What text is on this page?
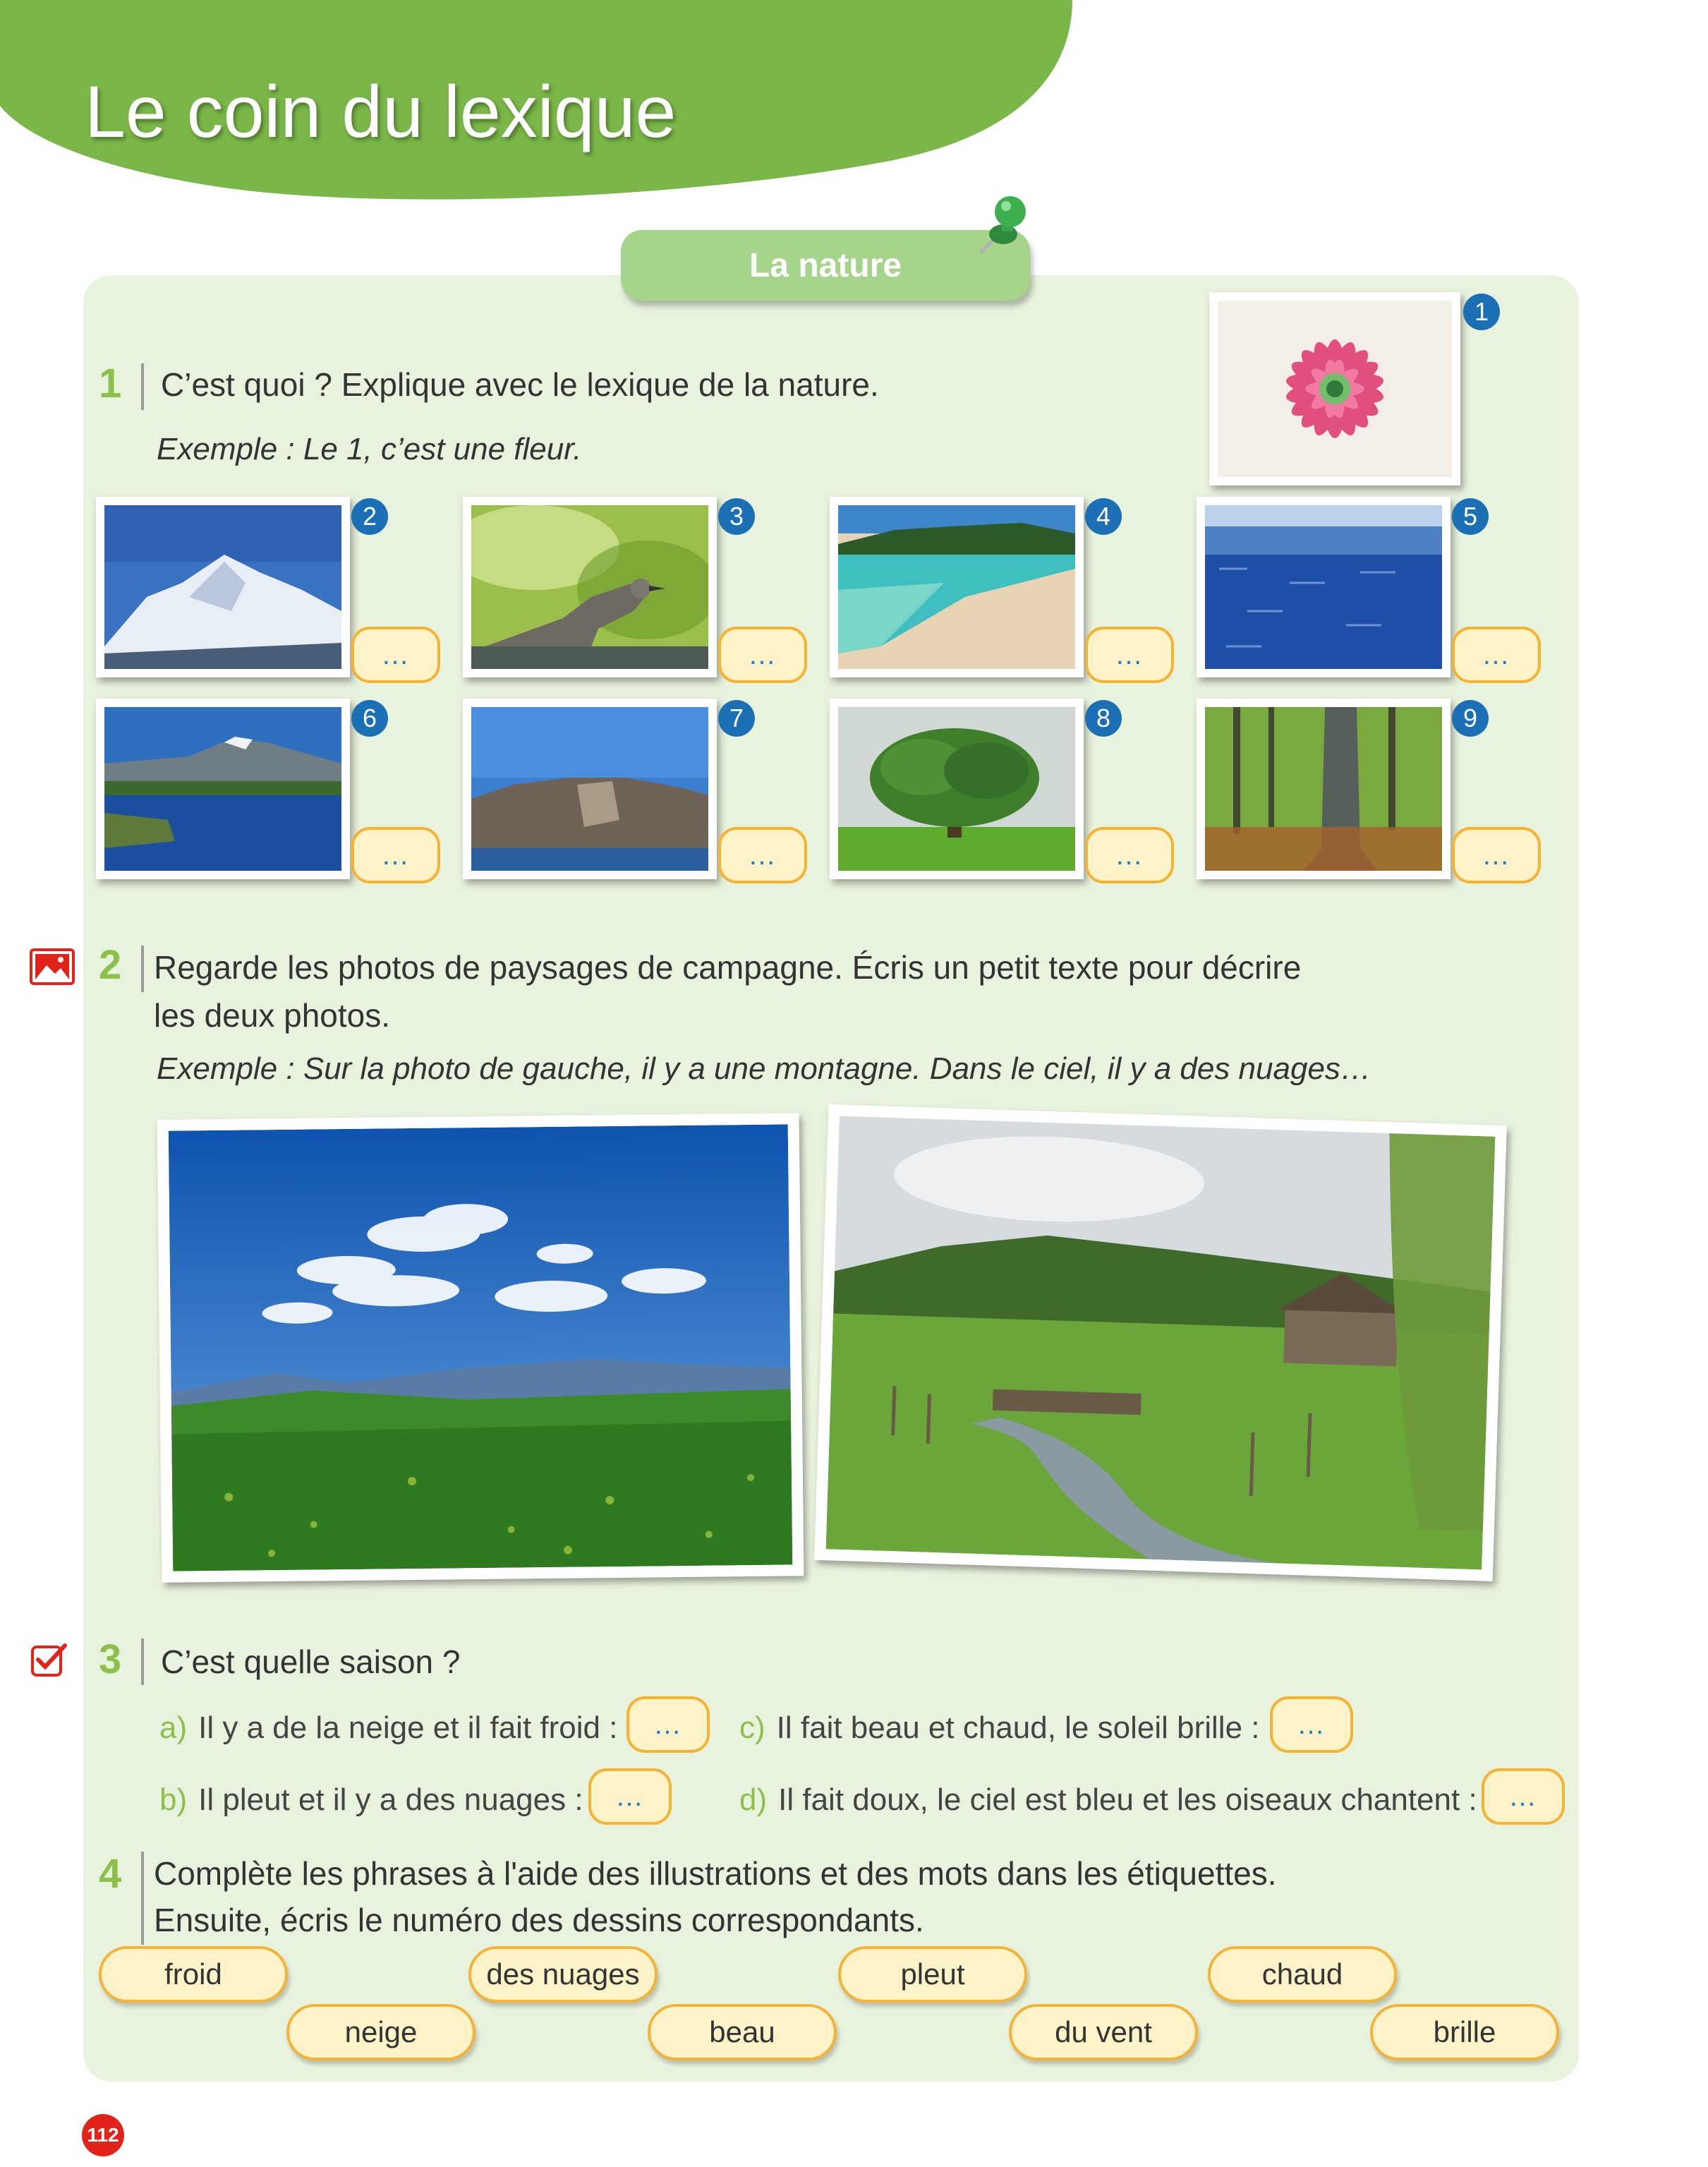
Le coin du lexique
La nature
1 C’est quoi ? Explique avec le lexique de la nature.
Exemple : Le 1, c’est une fleur.
1
2
…
3
…
4
…
5
…
6
…
7
…
8
…
9
…
2 Regarde les photos de paysages de campagne. Écris un petit texte pour décrire
les deux photos.
Exemple : Sur la photo de gauche, il y a une montagne. Dans le ciel, il y a des nuages…
3 C’est quelle saison ?
a) Il y a de la neige et il fait froid :	…	c) Il fait beau et chaud, le soleil brille :	…
b) Il pleut et il y a des nuages :	…	d) Il fait doux, le ciel est bleu et les oiseaux chantent :	…
4 Complète les phrases à l'aide des illustrations et des mots dans les étiquettes.
Ensuite, écris le numéro des dessins correspondants.
froid	des nuages	pleut	chaud
neige	beau	du vent	brille
112
